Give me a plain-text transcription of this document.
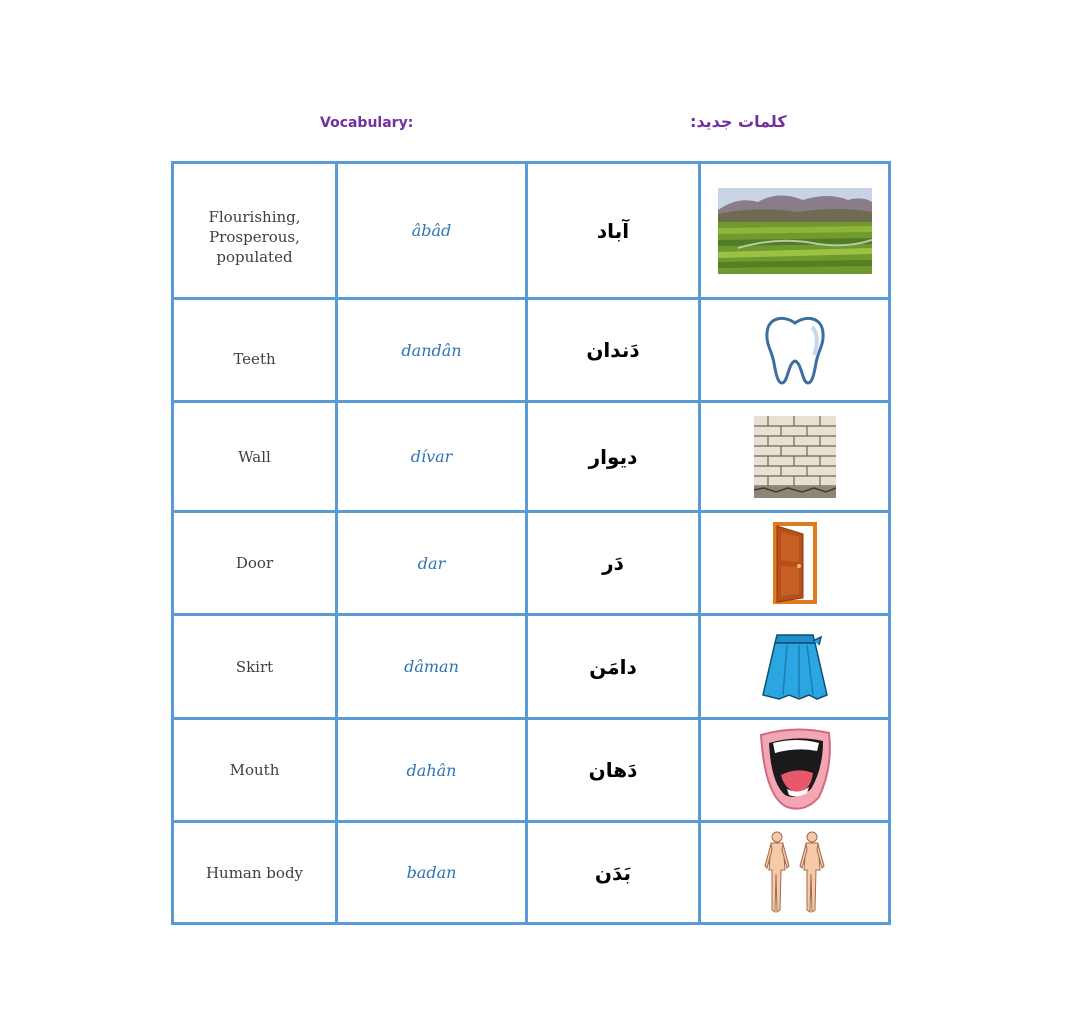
Vocabulary:	کلمات جدید:
Flourishing, Prosperous, populated	âbâd	آباد	

Teeth	dandân	دَندان	

Wall	dívar	دیوار	

Door	dar	دَر	

Skirt	dâman	دامَن	

Mouth	dahân	دَهان	

Human body	badan	بَدَن	
